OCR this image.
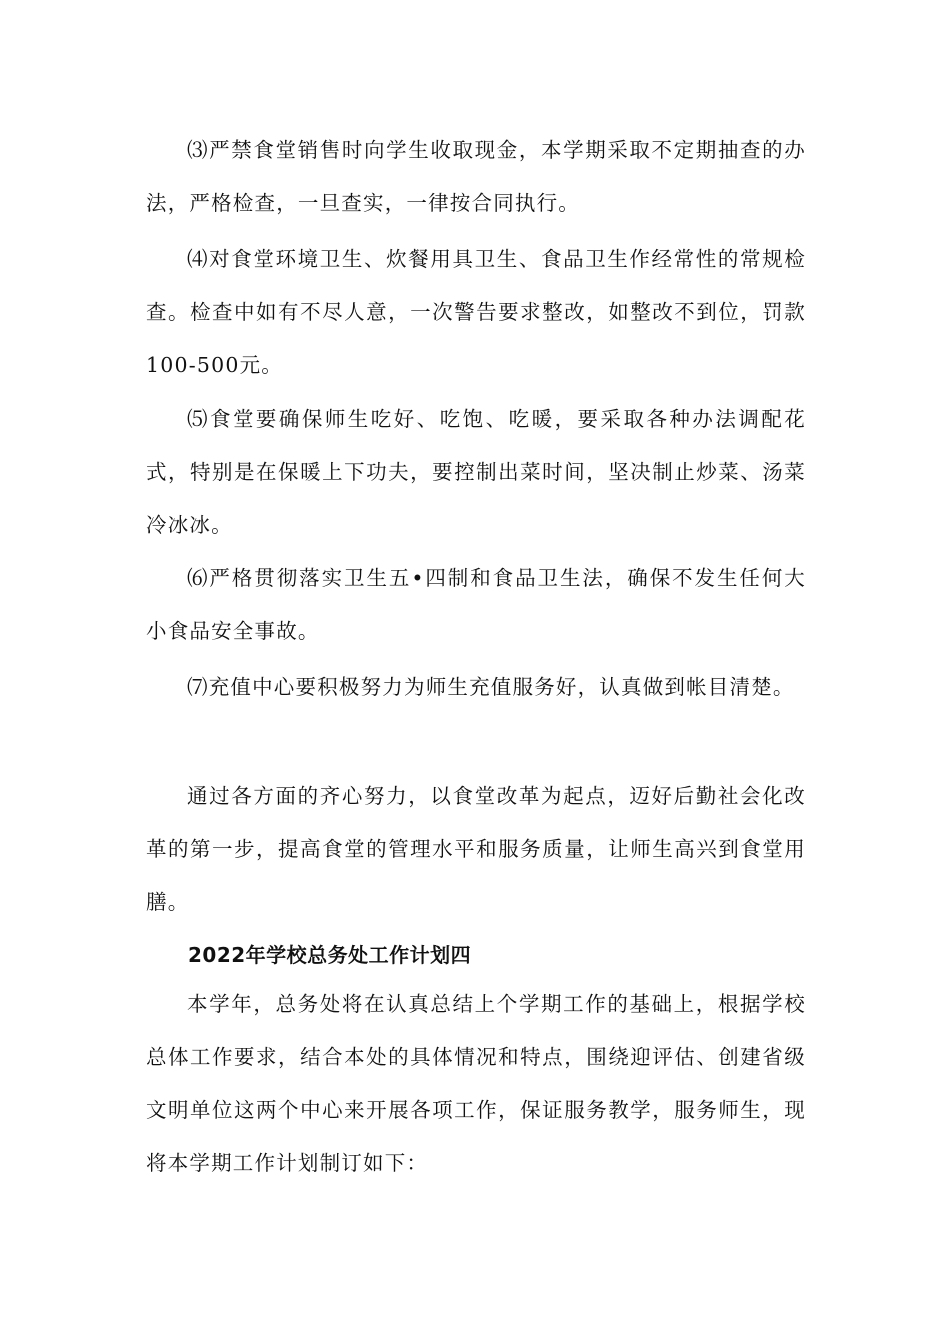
⑶严禁食堂销售时向学生收取现金，本学期采取不定期抽查的办法，严格检查，一旦查实，一律按合同执行。

⑷对食堂环境卫生、炊餐用具卫生、食品卫生作经常性的常规检查。检查中如有不尽人意，一次警告要求整改，如整改不到位，罚款100-500元。

⑸食堂要确保师生吃好、吃饱、吃暖，要采取各种办法调配花式，特别是在保暖上下功夫，要控制出菜时间，坚决制止炒菜、汤菜冷冰冰。

⑹严格贯彻落实卫生五•四制和食品卫生法，确保不发生任何大小食品安全事故。

⑺充值中心要积极努力为师生充值服务好，认真做到帐目清楚。

通过各方面的齐心努力，以食堂改革为起点，迈好后勤社会化改革的第一步，提高食堂的管理水平和服务质量，让师生高兴到食堂用膳。

2022年学校总务处工作计划四

本学年，总务处将在认真总结上个学期工作的基础上，根据学校总体工作要求，结合本处的具体情况和特点，围绕迎评估、创建省级文明单位这两个中心来开展各项工作，保证服务教学，服务师生，现将本学期工作计划制订如下：
